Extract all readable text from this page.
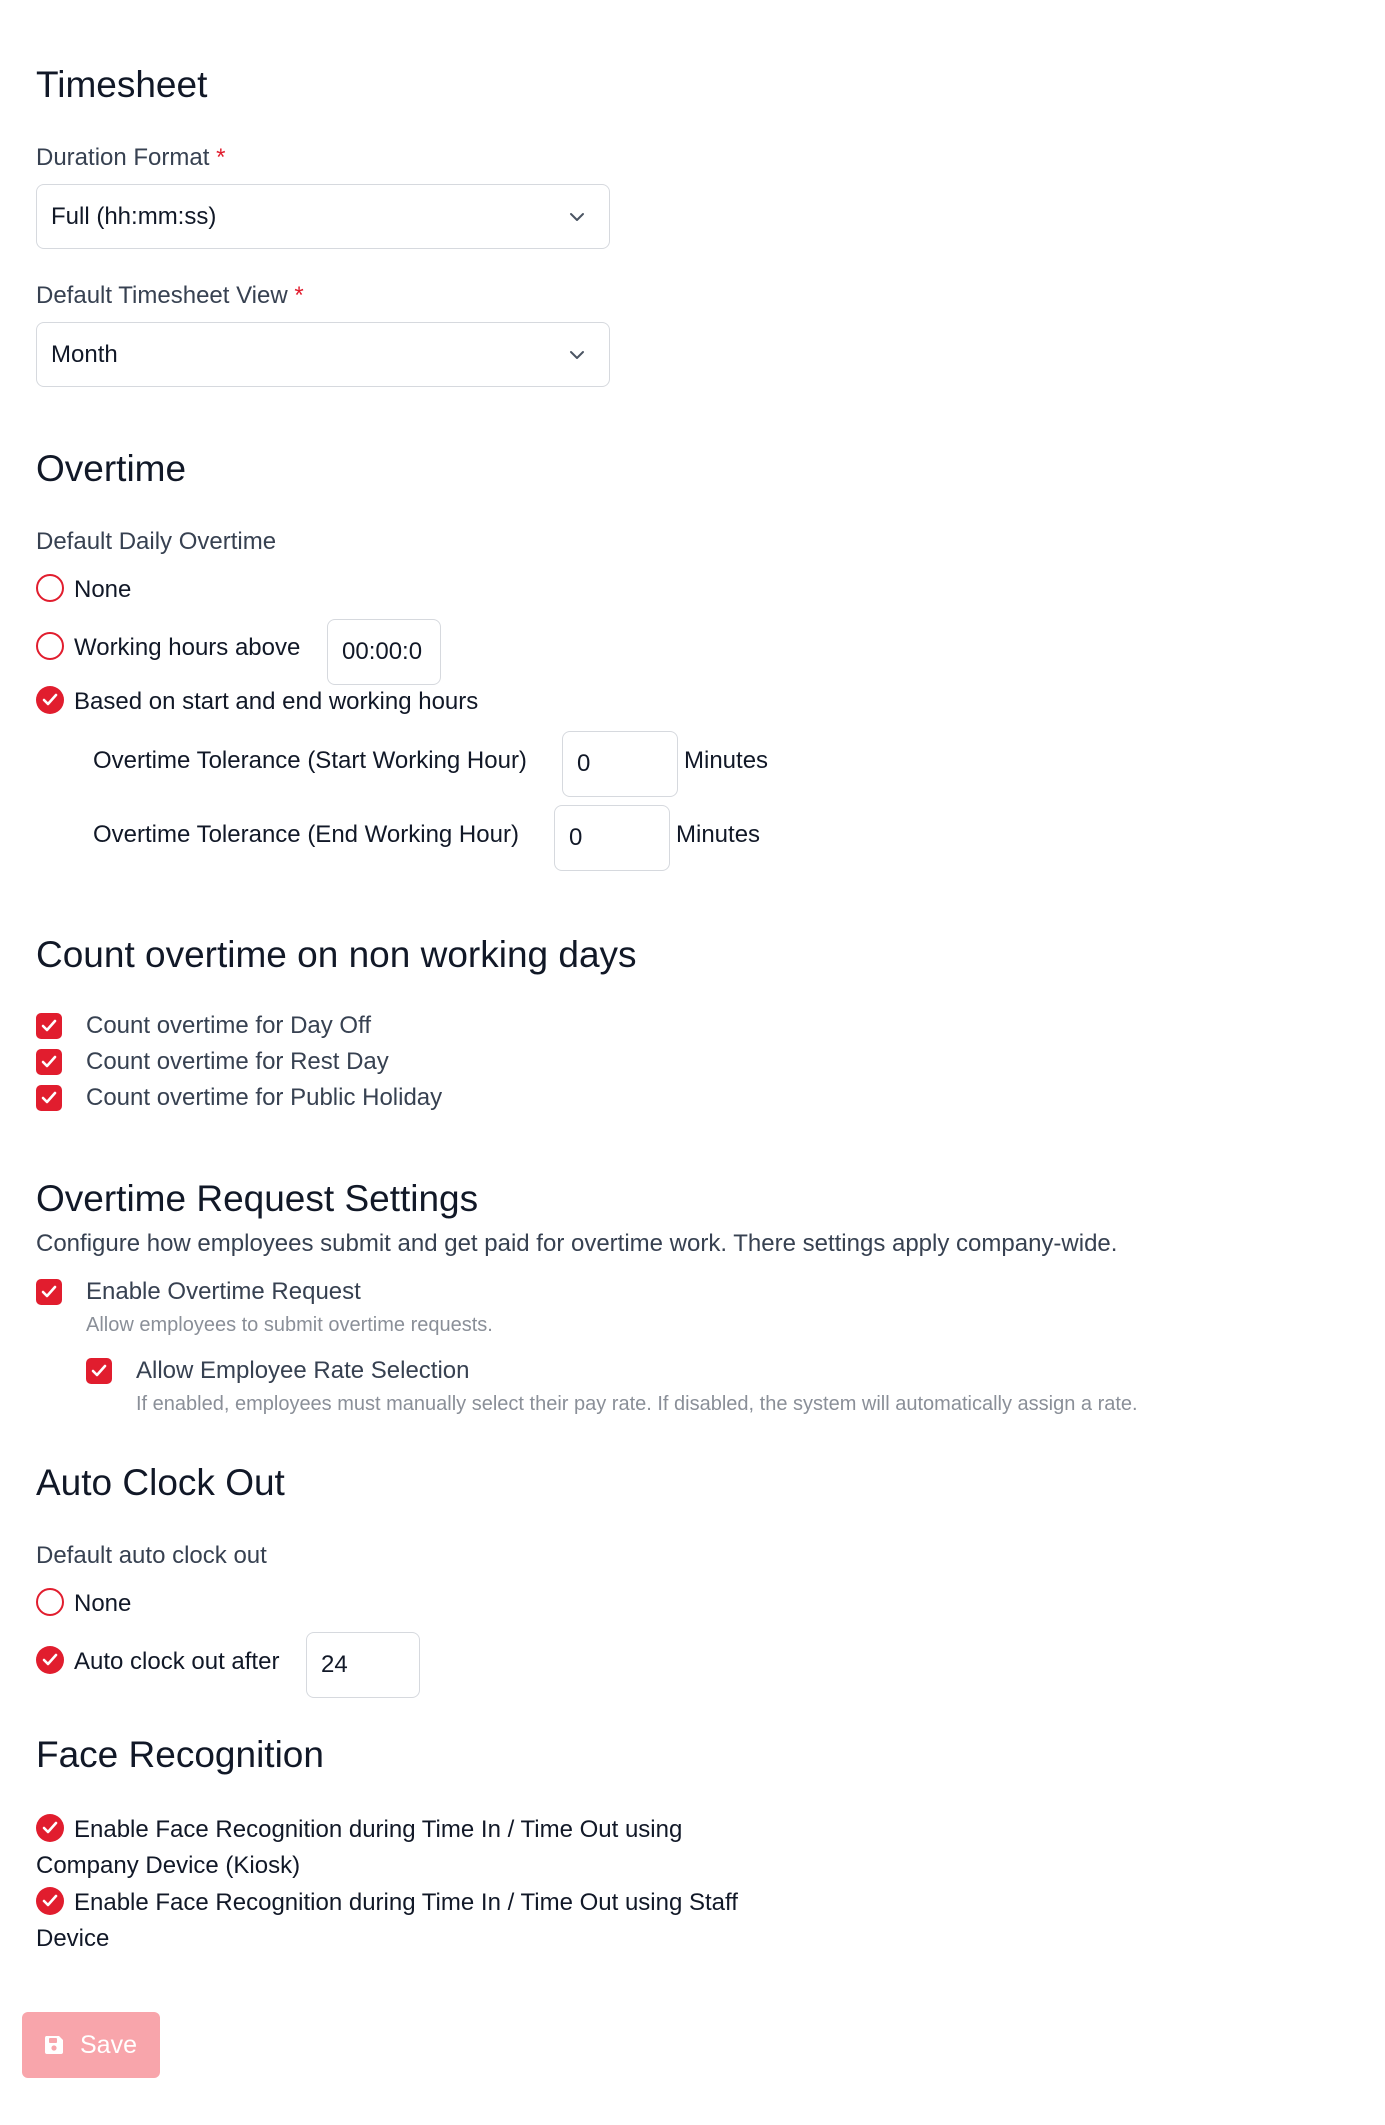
Timesheet
Duration Format *
Full (hh:mm:ss)
Default Timesheet View *
Month
Overtime
Default Daily Overtime
None
Working hours above	00:00:0
Based on start and end working hours
Overtime Tolerance (Start Working Hour)	0	Minutes
Overtime Tolerance (End Working Hour)	0	Minutes
Count overtime on non working days
Count overtime for Day Off
Count overtime for Rest Day
Count overtime for Public Holiday
Overtime Request Settings
Configure how employees submit and get paid for overtime work. There settings apply company-wide.
Enable Overtime Request
Allow employees to submit overtime requests.
Allow Employee Rate Selection
If enabled, employees must manually select their pay rate. If disabled, the system will automatically assign a rate.
Auto Clock Out
Default auto clock out
None
Auto clock out after	24
Face Recognition
Enable Face Recognition during Time In / Time Out using
Company Device (Kiosk)
Enable Face Recognition during Time In / Time Out using Staff
Device
Save
